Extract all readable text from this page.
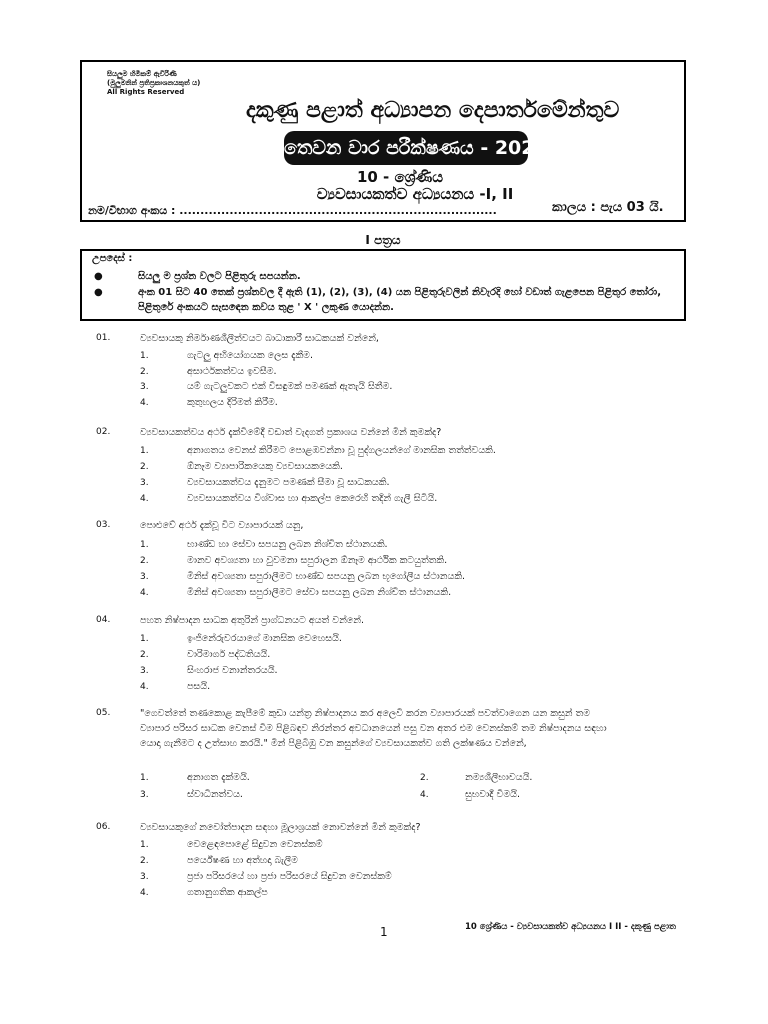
සියලුම හිමිකම් ඇවිරිණි
(මුලුමනින් ප්‍රතිප්‍රකාශනයකුත් ය)
All Rights Reserved
දකුණු පළාත් අධ්‍යාපන දෙපාර්තමේන්තුව
තෙවන වාර පරීක්ෂණය - 2020
10 - ශ්‍රේණිය
ව්‍යවසායකත්ව අධ්‍යයනය -I, II
නම/විභාග අංකය : ............................................................................	කාලය : පැය 03 යි.
I පත්‍රය
උපදෙස් :
●	සියලු ම ප්‍රශ්න වලට පිළිතුරු සපයන්න.
●	අංක 01 සිට 40 තෙක් ප්‍රශ්නවල දී ඇති (1), (2), (3), (4) යන පිළිතුරුවලින් නිවැරදි හෝ වඩාත් ගැළපෙන පිළිතුර තෝරා, පිළිතුරේ අංකයට සැසඳෙන කවය තුළ ' X ' ලකුණ යොදන්න.
01.	ව්‍යවසායකු නිර්මාණශීලීත්වයට බාධාකාරී සාධකයක් වන්නේ,
1.	ගැටලු අභියෝගයක ලෙස දැකීම.
2.	අසාර්ථකත්වය ඉවසීම.
3.	යම් ගැටලුවකට එක් විසඳුමක් පමණක් ඇතැයි සිතීම.
4.	කුතුහලය දිරිමත් කිරීම.
02.	ව්‍යවසායකත්වය අර්ථ දැක්වීමේදී වඩාත් වැදගත් ප්‍රකාශය වන්නේ මින් කුමක්ද?
1.	අනාගතය වෙනස් කිරීමට පොළඹවන්නා වූ පුද්ගලයන්ගේ මානසික තත්ත්වයකි.
2.	ඕනෑම ව්‍යාපාරිකයෙකු ව්‍යවසායකයෙකි.
3.	ව්‍යවසායකත්වය දැනුමට පමණක් සීමා වූ සාධකයකි.
4.	ව්‍යවසායකත්වය විශ්වාස හා ආකල්ප කෙරෙහි තදින් ගැලී සිටියි.
03.	පොළුවේ අර්ථ දැක්වූ විට ව්‍යාපාරයක් යනු,
1.	භාණ්ඩ හා සේවා සපයනු ලබන නිශ්චිත ස්ථානයකි.
2.	මානව අවශ්‍යතා හා වුවමනා සපුරාලන ඕනෑම ආර්ථික කටයුත්තකි.
3.	මිනිස් අවශ්‍යතා සපුරාලීමට භාණ්ඩ සපයනු ලබන භූගෝලීය ස්ථානයකි.
4.	මිනිස් අවශ්‍යතා සපුරාලීමට සේවා සපයනු ලබන නිශ්චිත ස්ථානයකි.
04.	පහත නිෂ්පාදන සාධක අතුරින් ප්‍රාග්ධනයට අයත් වන්නේ.
1.	ඉංජිනේරුවරයාගේ මානසික වෙහෙසයි.
2.	වාරිමාර්ග පද්ධතියයි.
3.	සිංහරාජ වනාන්තරයයි.
4.	පසයි.
05.	"ගෙවත්තේ තණකොළ කැපීමේ කුඩා යන්ත්‍ර නිෂ්පාදනය කර අලෙවි කරන ව්‍යාපාරයක් පවත්වාගෙන යන කසුන් තම ව්‍යාපාර පරිසර සාධක වෙනස් වීම පිළිබඳව නිරන්තර අවධානයෙන් පසු වන අතර එම වෙනස්කම් තම නිෂ්පාදනය සඳහා යොදා ගැනීමට ද උත්සාහ කරයි." මින් පිළිබිඹු වන කසුන්ගේ ව්‍යවසායකත්ව ගති ලක්ෂණය වන්නේ,
1.	අනාගත දැක්මයි.	2.	නම්‍යශීලීභාවයයි.
3.	ස්වාධීනත්වය.	4.	සුභවාදී වීමයි.
06.	ව්‍යවසායකුගේ නවෝත්පාදන සඳහා මූලාශ්‍රයක් නොවන්නේ මින් කුමක්ද?
1.	වෙළෙඳපොළේ සිදුවන වෙනස්කම්
2.	පර්යේෂණ හා අත්හදා බැලීම
3.	ප්‍රජා පරිසරයේ හා ප්‍රජා පරිසරයේ සිදුවන වෙනස්කම්
4.	ගතානුගතික ආකල්ප
1	10 ශ්‍රේණිය - ව්‍යවසායකත්ව අධ්‍යයනය I II - දකුණු පළාත
